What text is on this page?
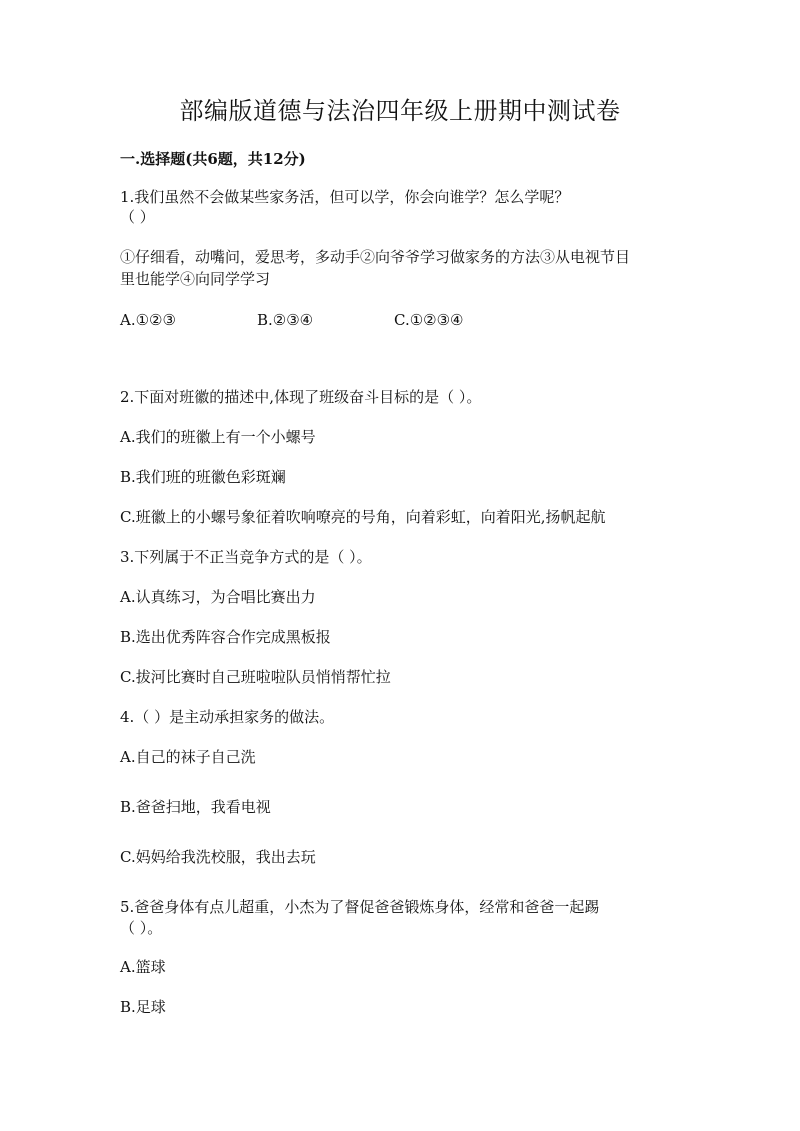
部编版道德与法治四年级上册期中测试卷
一.选择题(共6题，共12分)
1.我们虽然不会做某些家务活，但可以学，你会向谁学？怎么学呢？
（ ）
①仔细看，动嘴问，爱思考，多动手②向爷爷学习做家务的方法③从电视节目
里也能学④向同学学习
A.①②③	B.②③④	C.①②③④
2.下面对班徽的描述中,体现了班级奋斗目标的是（ ）。
A.我们的班徽上有一个小螺号
B.我们班的班徽色彩斑斓
C.班徽上的小螺号象征着吹响嘹亮的号角，向着彩虹，向着阳光,扬帆起航
3.下列属于不正当竞争方式的是（ ）。
A.认真练习，为合唱比赛出力
B.选出优秀阵容合作完成黑板报
C.拔河比赛时自己班啦啦队员悄悄帮忙拉
4.（ ）是主动承担家务的做法。
A.自己的袜子自己洗
B.爸爸扫地，我看电视
C.妈妈给我洗校服，我出去玩
5.爸爸身体有点儿超重，小杰为了督促爸爸锻炼身体，经常和爸爸一起踢
（ ）。
A.篮球
B.足球
